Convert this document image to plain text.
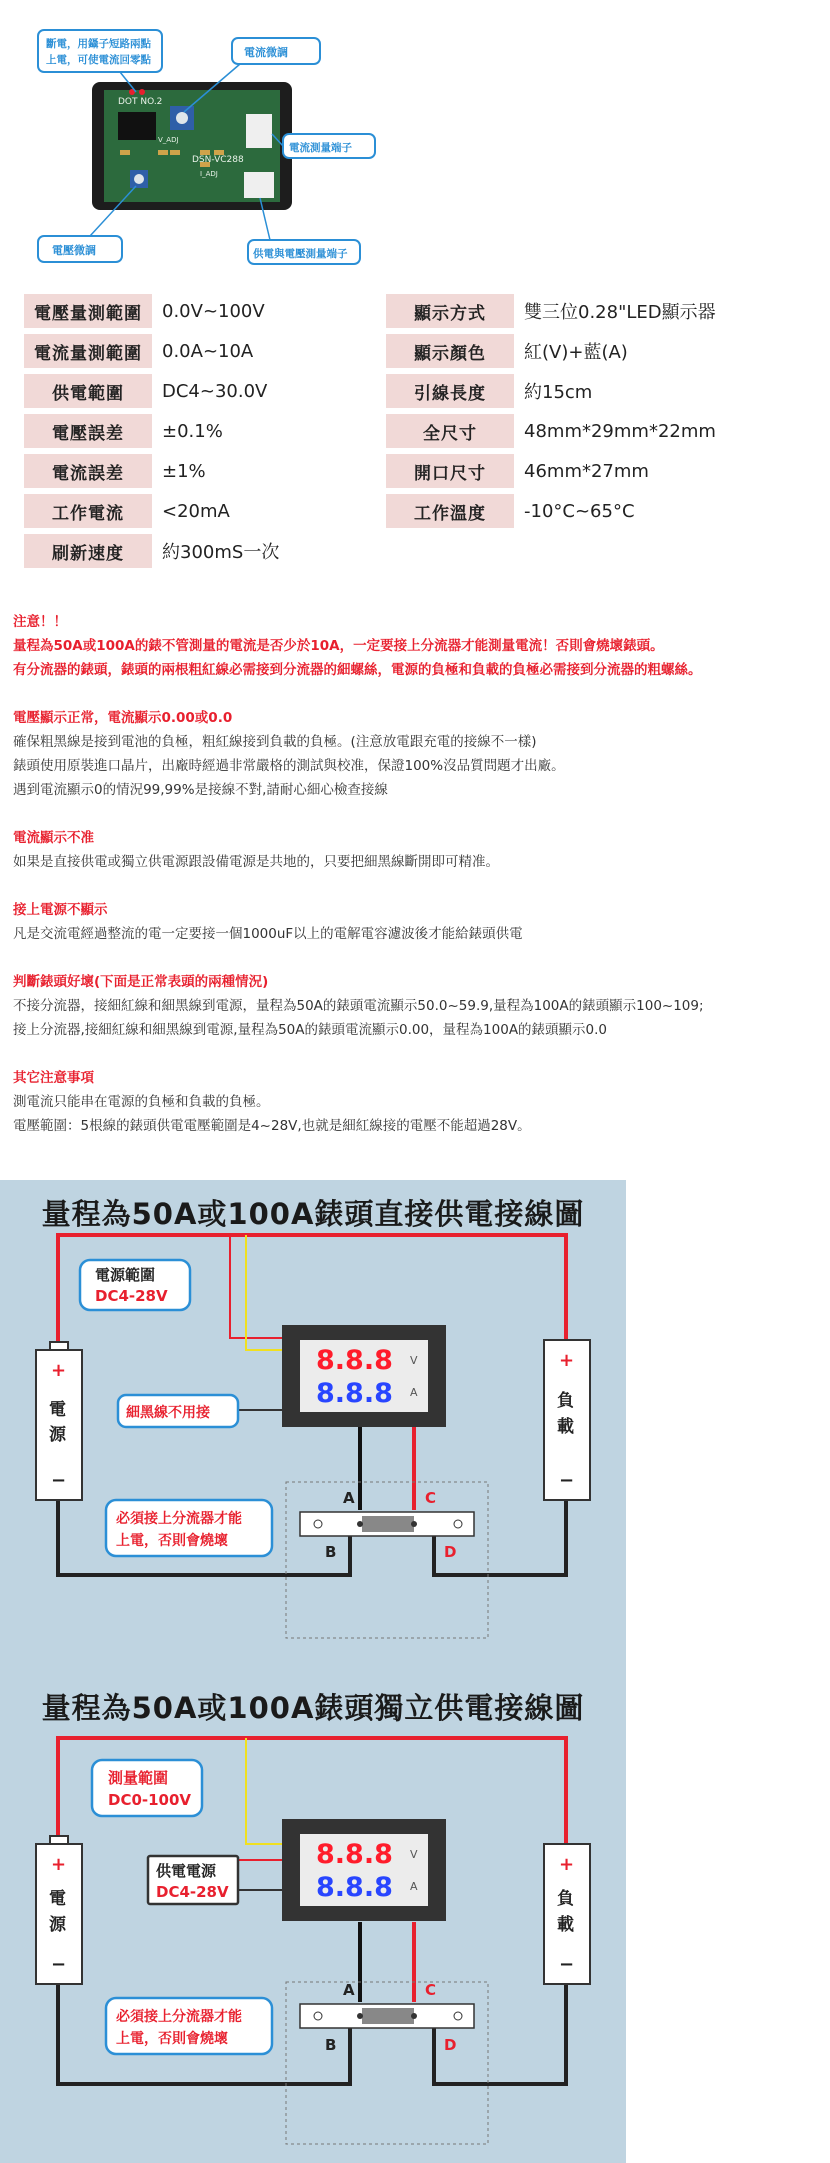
DOT NO.2
DSN-VC288
I_ADJ
V_ADJ
斷電，用鑷子短路兩點
上電，可使電流回零點
電流微調
電流測量端子
電壓微調	供電與電壓測量端子
電壓量測範圍	0.0V~100V
電流量測範圍	0.0A~10A
供電範圍	DC4~30.0V
電壓誤差	±0.1%
電流誤差	±1%
工作電流	<20mA
刷新速度	約300mS一次
顯示方式	雙三位0.28"LED顯示器
顯示顏色	紅(V)+藍(A)
引線長度	約15cm
全尺寸	48mm*29mm*22mm
開口尺寸	46mm*27mm
工作溫度	-10°C~65°C
注意！！
量程為50A或100A的錶不管測量的電流是否少於10A，一定要接上分流器才能測量電流！否則會燒壞錶頭。
有分流器的錶頭，錶頭的兩根粗紅線必需接到分流器的細螺絲，電源的負極和負載的負極必需接到分流器的粗螺絲。
電壓顯示正常，電流顯示0.00或0.0
確保粗黑線是接到電池的負極，粗紅線接到負載的負極。(注意放電跟充電的接線不一樣)
錶頭使用原裝進口晶片，出廠時經過非常嚴格的測試與校准，保證100%沒品質問題才出廠。
遇到電流顯示0的情況99,99%是接線不對,請耐心細心檢查接線
電流顯示不准
如果是直接供電或獨立供電源跟設備電源是共地的，只要把細黑線斷開即可精准。
接上電源不顯示
凡是交流電經過整流的電一定要接一個1000uF以上的電解電容濾波後才能給錶頭供電
判斷錶頭好壞(下面是正常表頭的兩種情況)
不接分流器，接細紅線和細黑線到電源，量程為50A的錶頭電流顯示50.0~59.9,量程為100A的錶頭顯示100~109;
接上分流器,接細紅線和細黑線到電源,量程為50A的錶頭電流顯示0.00，量程為100A的錶頭顯示0.0
其它注意事項
測電流只能串在電源的負極和負載的負極。
電壓範圍：5根線的錶頭供電電壓範圍是4~28V,也就是細紅線接的電壓不能超過28V。
量程為50A或100A錶頭直接供電接線圖
A
B
C
D
8.8.8
8.8.8
V
A
+
電
源
−
+
負
載
−
電源範圍
DC4-28V
細黑線不用接
必須接上分流器才能
上電，否則會燒壞
量程為50A或100A錶頭獨立供電接線圖
A
B
C
D
8.8.8
8.8.8
V
A
+
電
源
−
+
負
載
−
測量範圍
DC0-100V
供電電源
DC4-28V
必須接上分流器才能
上電，否則會燒壞
